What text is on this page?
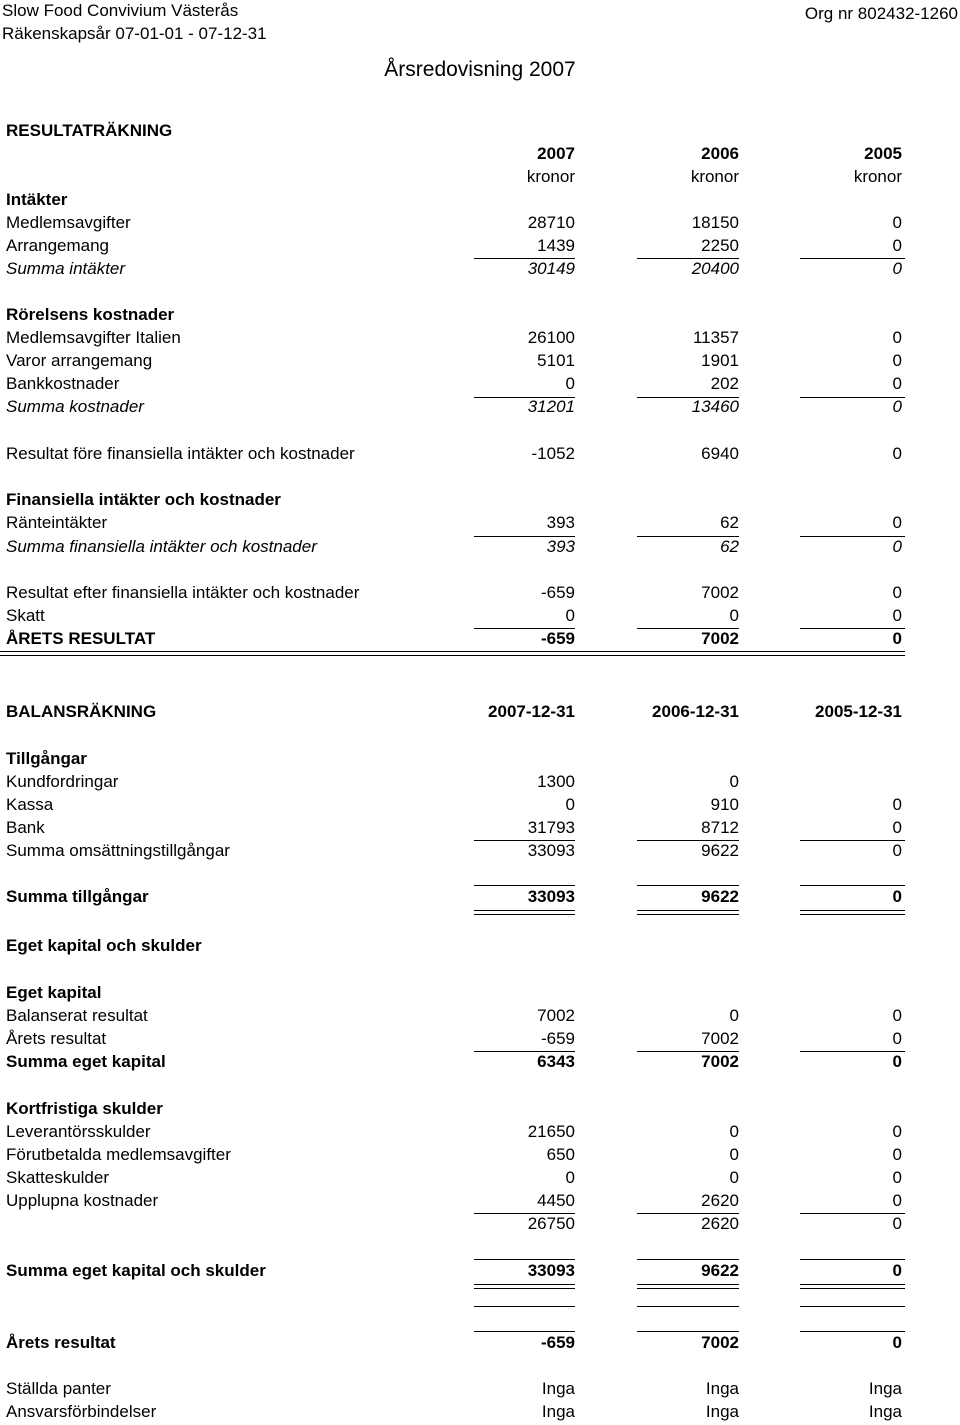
Slow Food Convivium Västerås
Räkenskapsår 07-01-01 - 07-12-31
Org nr 802432-1260
Årsredovisning 2007
RESULTATRÄKNING
2007	2006	2005
kronor	kronor	kronor
Intäkter
Medlemsavgifter	28710	18150	0
Arrangemang	1439	2250	0
Summa intäkter	30149	20400	0
Rörelsens kostnader
Medlemsavgifter Italien	26100	11357	0
Varor arrangemang	5101	1901	0
Bankkostnader	0	202	0
Summa kostnader	31201	13460	0
Resultat före finansiella intäkter och kostnader	-1052	6940	0
Finansiella intäkter och kostnader
Ränteintäkter	393	62	0
Summa finansiella intäkter och kostnader	393	62	0
Resultat efter finansiella intäkter och kostnader	-659	7002	0
Skatt	0	0	0
ÅRETS RESULTAT	-659	7002	0
BALANSRÄKNING	2007-12-31	2006-12-31	2005-12-31
Tillgångar
Kundfordringar	1300	0
Kassa	0	910	0
Bank	31793	8712	0
Summa omsättningstillgångar	33093	9622	0
Summa tillgångar	33093	9622	0
Eget kapital och skulder
Eget kapital
Balanserat resultat	7002	0	0
Årets resultat	-659	7002	0
Summa eget kapital	6343	7002	0
Kortfristiga skulder
Leverantörsskulder	21650	0	0
Förutbetalda medlemsavgifter	650	0	0
Skatteskulder	0	0	0
Upplupna kostnader	4450	2620	0
26750	2620	0
Summa eget kapital och skulder	33093	9622	0
Årets resultat	-659	7002	0
Ställda panter	Inga	Inga	Inga
Ansvarsförbindelser	Inga	Inga	Inga
